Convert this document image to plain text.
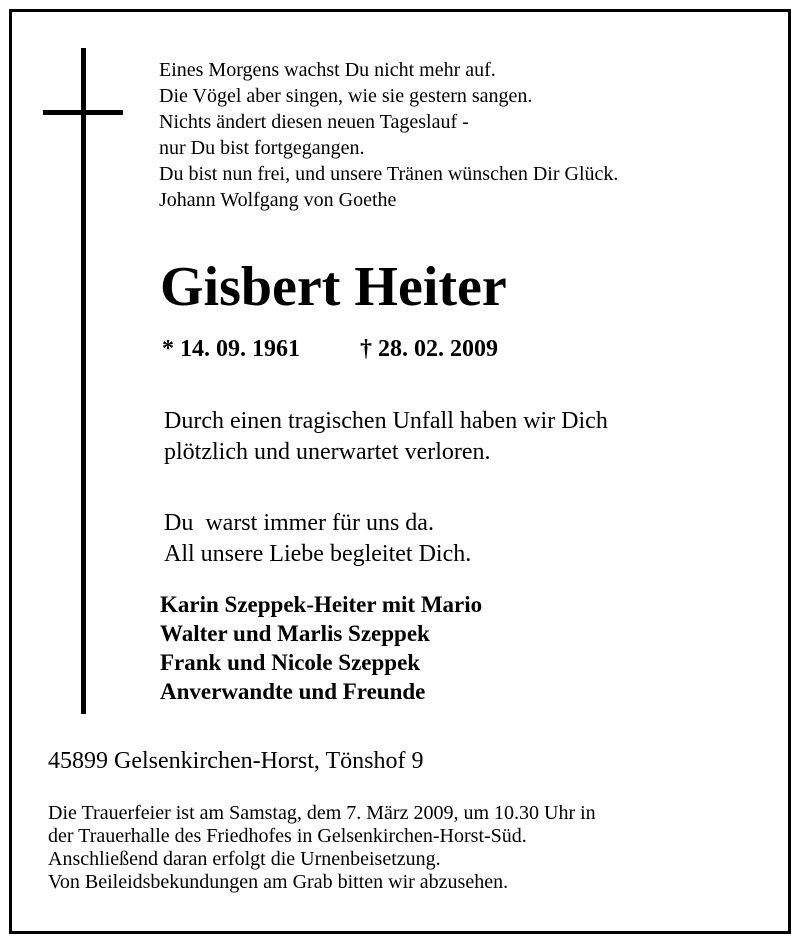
Eines Morgens wachst Du nicht mehr auf.
Die Vögel aber singen, wie sie gestern sangen.
Nichts ändert diesen neuen Tageslauf -
nur Du bist fortgegangen.
Du bist nun frei, und unsere Tränen wünschen Dir Glück.
Johann Wolfgang von Goethe
Gisbert Heiter
* 14. 09. 1961	† 28. 02. 2009
Durch einen tragischen Unfall haben wir Dich
plötzlich und unerwartet verloren.
Du  warst immer für uns da.
All unsere Liebe begleitet Dich.
Karin Szeppek-Heiter mit Mario
Walter und Marlis Szeppek
Frank und Nicole Szeppek
Anverwandte und Freunde
45899 Gelsenkirchen-Horst, Tönshof 9
Die Trauerfeier ist am Samstag, dem 7. März 2009, um 10.30 Uhr in
der Trauerhalle des Friedhofes in Gelsenkirchen-Horst-Süd.
Anschließend daran erfolgt die Urnenbeisetzung.
Von Beileidsbekundungen am Grab bitten wir abzusehen.
